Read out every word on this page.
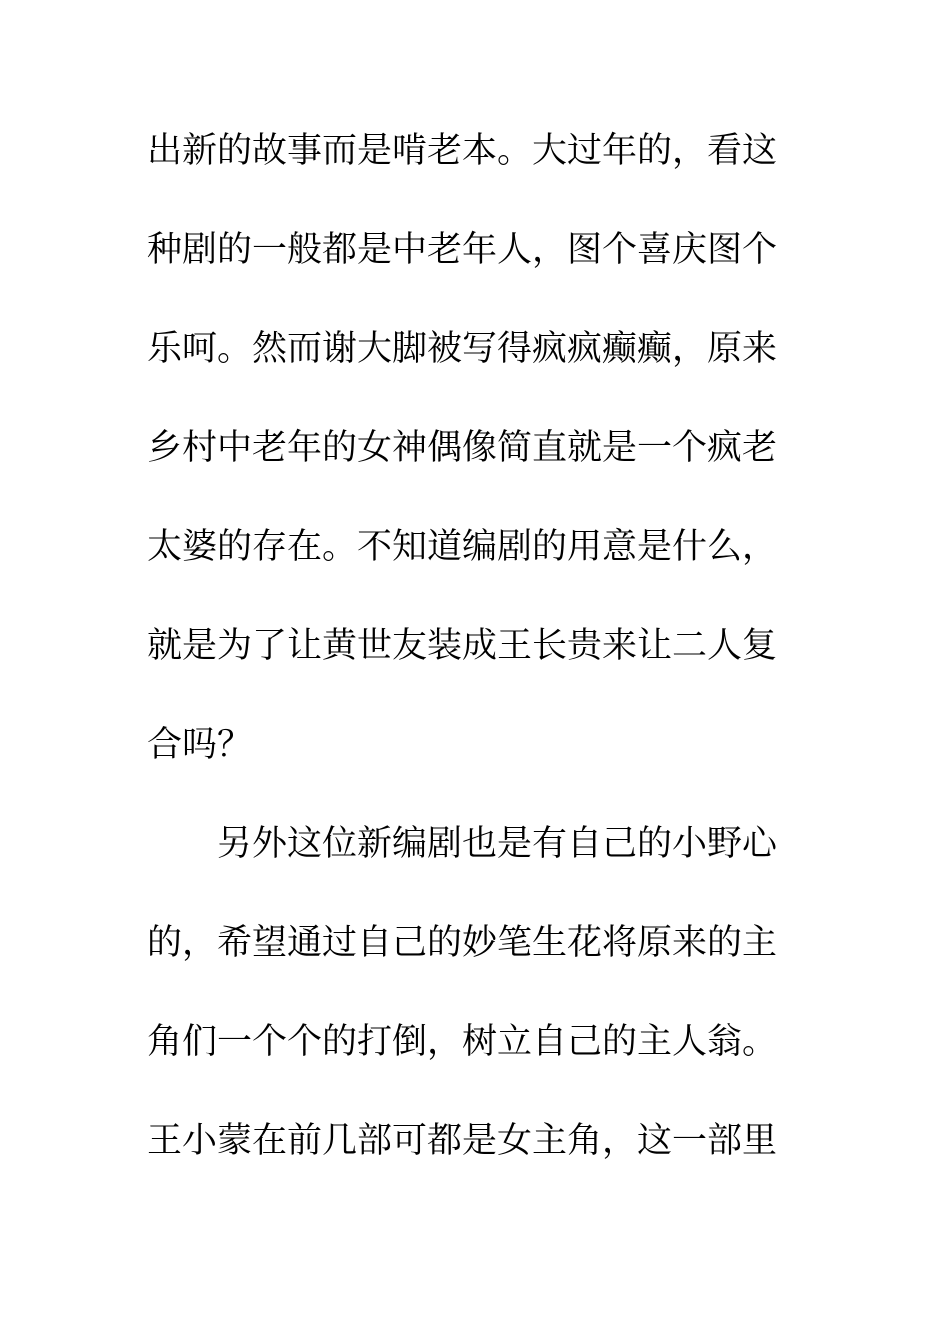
出新的故事而是啃老本。大过年的，看这
种剧的一般都是中老年人，图个喜庆图个
乐呵。然而谢大脚被写得疯疯癫癫，原来
乡村中老年的女神偶像简直就是一个疯老
太婆的存在。不知道编剧的用意是什么，
就是为了让黄世友装成王长贵来让二人复
合吗？
另外这位新编剧也是有自己的小野心
的，希望通过自己的妙笔生花将原来的主
角们一个个的打倒，树立自己的主人翁。
王小蒙在前几部可都是女主角，这一部里
